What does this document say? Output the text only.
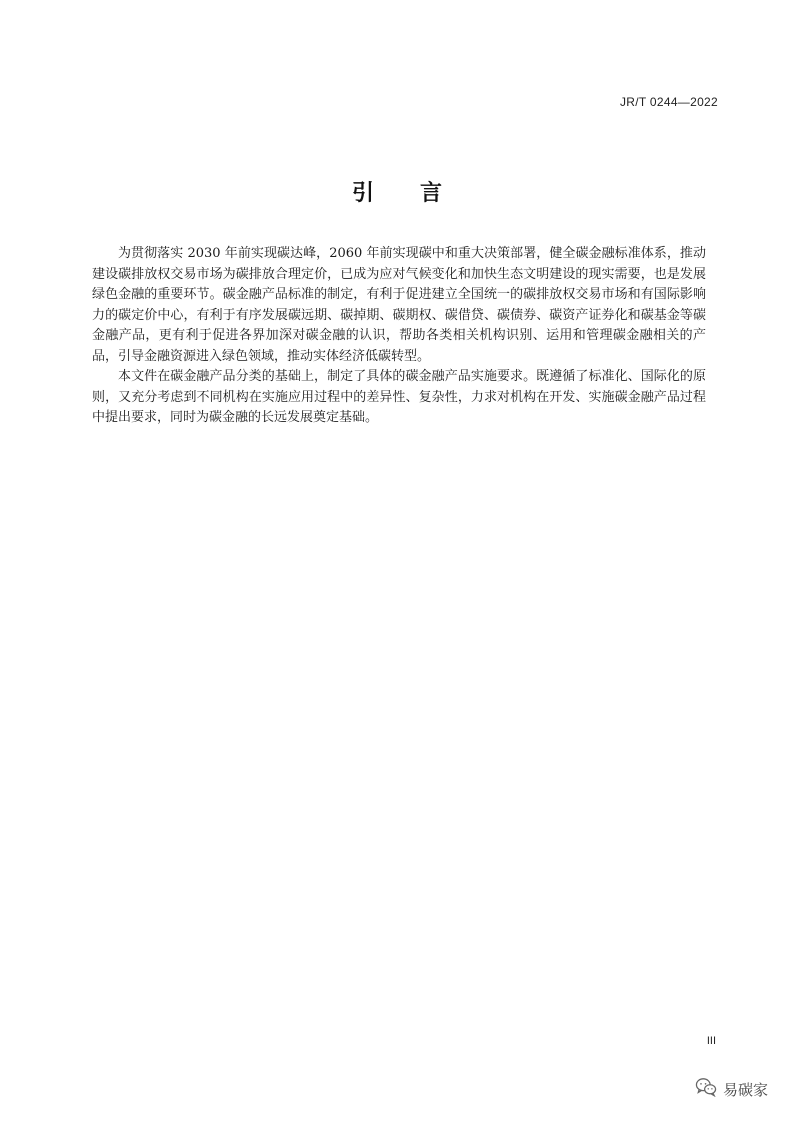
JR/T 0244—2022
引言

为贯彻落实 2030 年前实现碳达峰，2060 年前实现碳中和重大决策部署，健全碳金融标准体系，推动建设碳排放权交易市场为碳排放合理定价，已成为应对气候变化和加快生态文明建设的现实需要，也是发展绿色金融的重要环节。碳金融产品标准的制定，有利于促进建立全国统一的碳排放权交易市场和有国际影响力的碳定价中心，有利于有序发展碳远期、碳掉期、碳期权、碳借贷、碳债券、碳资产证券化和碳基金等碳金融产品，更有利于促进各界加深对碳金融的认识，帮助各类相关机构识别、运用和管理碳金融相关的产品，引导金融资源进入绿色领域，推动实体经济低碳转型。

本文件在碳金融产品分类的基础上，制定了具体的碳金融产品实施要求。既遵循了标准化、国际化的原则，又充分考虑到不同机构在实施应用过程中的差异性、复杂性，力求对机构在开发、实施碳金融产品过程中提出要求，同时为碳金融的长远发展奠定基础。

III
易碳家
